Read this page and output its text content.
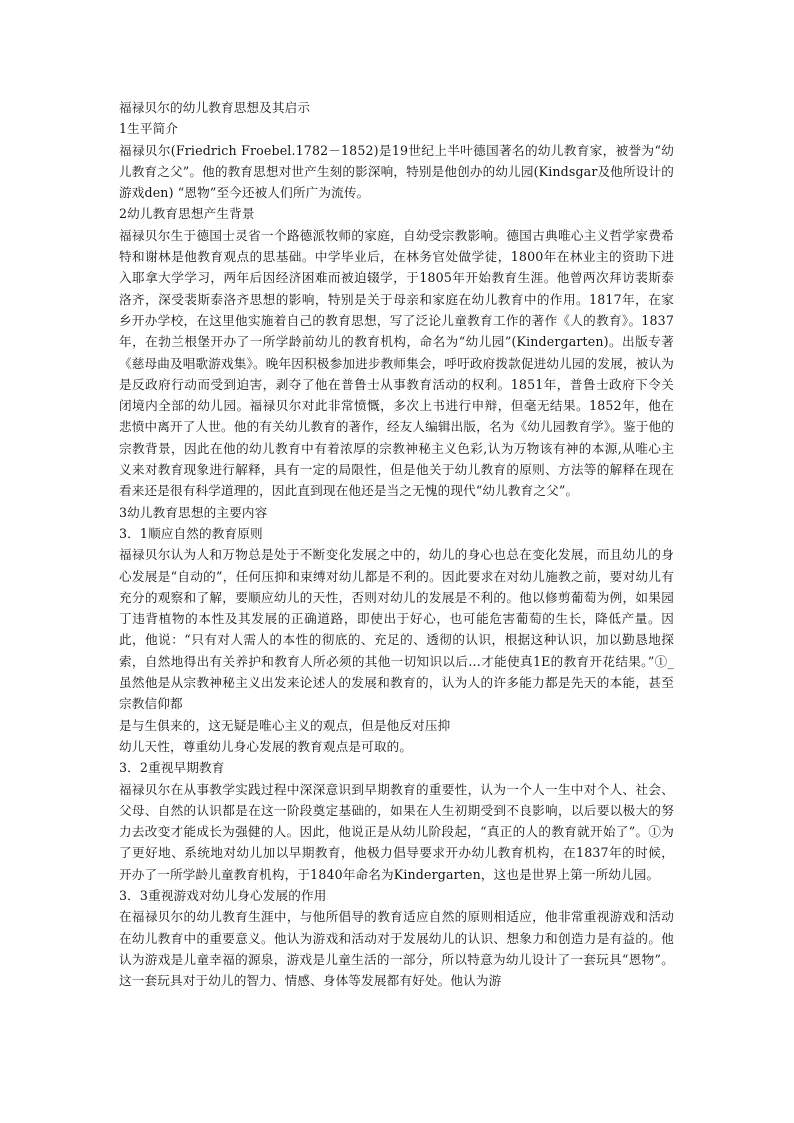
福禄贝尔的幼儿教育思想及其启示
1生平简介

福禄贝尔(Friedrich Froebel.1782－1852)是19世纪上半叶德国著名的幼儿教育家，被誉为“幼儿教育之父”。他的教育思想对世产生刻的影深响，特别是他创办的幼儿园(Kindsgar及他所设计的游戏den) “恩物”至今还被人们所广为流传。

2幼儿教育思想产生背景

福禄贝尔生于德国士灵省一个路德派牧师的家庭，自幼受宗教影响。德国古典唯心主义哲学家费希特和谢林是他教育观点的思基础。中学毕业后，在林务官处做学徒，1800年在林业主的资助下进入耶拿大学学习，两年后因经济困难而被迫辍学，于1805年开始教育生涯。他曾两次拜访裴斯泰洛齐，深受裴斯泰洛齐思想的影响，特别是关于母亲和家庭在幼儿教育中的作用。1817年，在家乡开办学校，在这里他实施着自己的教育思想，写了泛论儿童教育工作的著作《人的教育》。1837年，在勃兰根堡开办了一所学龄前幼儿的教育机构，命名为“幼儿园”(Kindergarten)。出版专著《慈母曲及唱歌游戏集》。晚年因积极参加进步教师集会，呼吁政府拨款促进幼儿园的发展，被认为是反政府行动而受到迫害，剥夺了他在普鲁士从事教育活动的权利。1851年，普鲁士政府下令关闭境内全部的幼儿园。福禄贝尔对此非常愤慨，多次上书进行申辩，但毫无结果。1852年，他在悲愤中离开了人世。他的有关幼儿教育的著作，经友人编辑出版，名为《幼儿园教育学》。鉴于他的宗教背景，因此在他的幼儿教育中有着浓厚的宗教神秘主义色彩,认为万物该有神的本源,从唯心主义来对教育现象进行解释，具有一定的局限性，但是他关于幼儿教育的原则、方法等的解释在现在看来还是很有科学道理的，因此直到现在他还是当之无愧的现代“幼儿教育之父”。

3幼儿教育思想的主要内容
3．1顺应自然的教育原则

福禄贝尔认为人和万物总是处于不断变化发展之中的，幼儿的身心也总在变化发展，而且幼儿的身心发展是“自动的”，任何压抑和束缚对幼儿都是不利的。因此要求在对幼儿施教之前，要对幼儿有充分的观察和了解，要顺应幼儿的天性，否则对幼儿的发展是不利的。他以修剪葡萄为例，如果园丁违背植物的本性及其发展的正确道路，即使出于好心，也可能危害葡萄的生长，降低产量。因此，他说：“只有对人需人的本性的彻底的、充足的、透彻的认识，根据这种认识，加以勤恳地探索，自然地得出有关养护和教育人所必须的其他一切知识以后…才能使真1E的教育开花结果。”①_虽然他是从宗教神秘主义出发来论述人的发展和教育的，认为人的许多能力都是先天的本能，甚至宗教信仰都

是与生俱来的，这无疑是唯心主义的观点，但是他反对压抑
幼儿天性，尊重幼儿身心发展的教育观点是可取的。
3．2重视早期教育

福禄贝尔在从事教学实践过程中深深意识到早期教育的重要性，认为一个人一生中对个人、社会、父母、自然的认识都是在这一阶段奠定基础的，如果在人生初期受到不良影响，以后要以极大的努力去改变才能成长为强健的人。因此，他说正是从幼儿阶段起，“真正的人的教育就开始了”。①为了更好地、系统地对幼儿加以早期教育，他极力倡导要求开办幼儿教育机构，在1837年的时候，开办了一所学龄儿童教育机构，于1840年命名为Kindergarten，这也是世界上第一所幼儿园。

3．3重视游戏对幼儿身心发展的作用

在福禄贝尔的幼儿教育生涯中，与他所倡导的教育适应自然的原则相适应，他非常重视游戏和活动在幼儿教育中的重要意义。他认为游戏和活动对于发展幼儿的认识、想象力和创造力是有益的。他认为游戏是儿童幸福的源泉，游戏是儿童生活的一部分，所以特意为幼儿设计了一套玩具“恩物”。这一套玩具对于幼儿的智力、情感、身体等发展都有好处。他认为游
